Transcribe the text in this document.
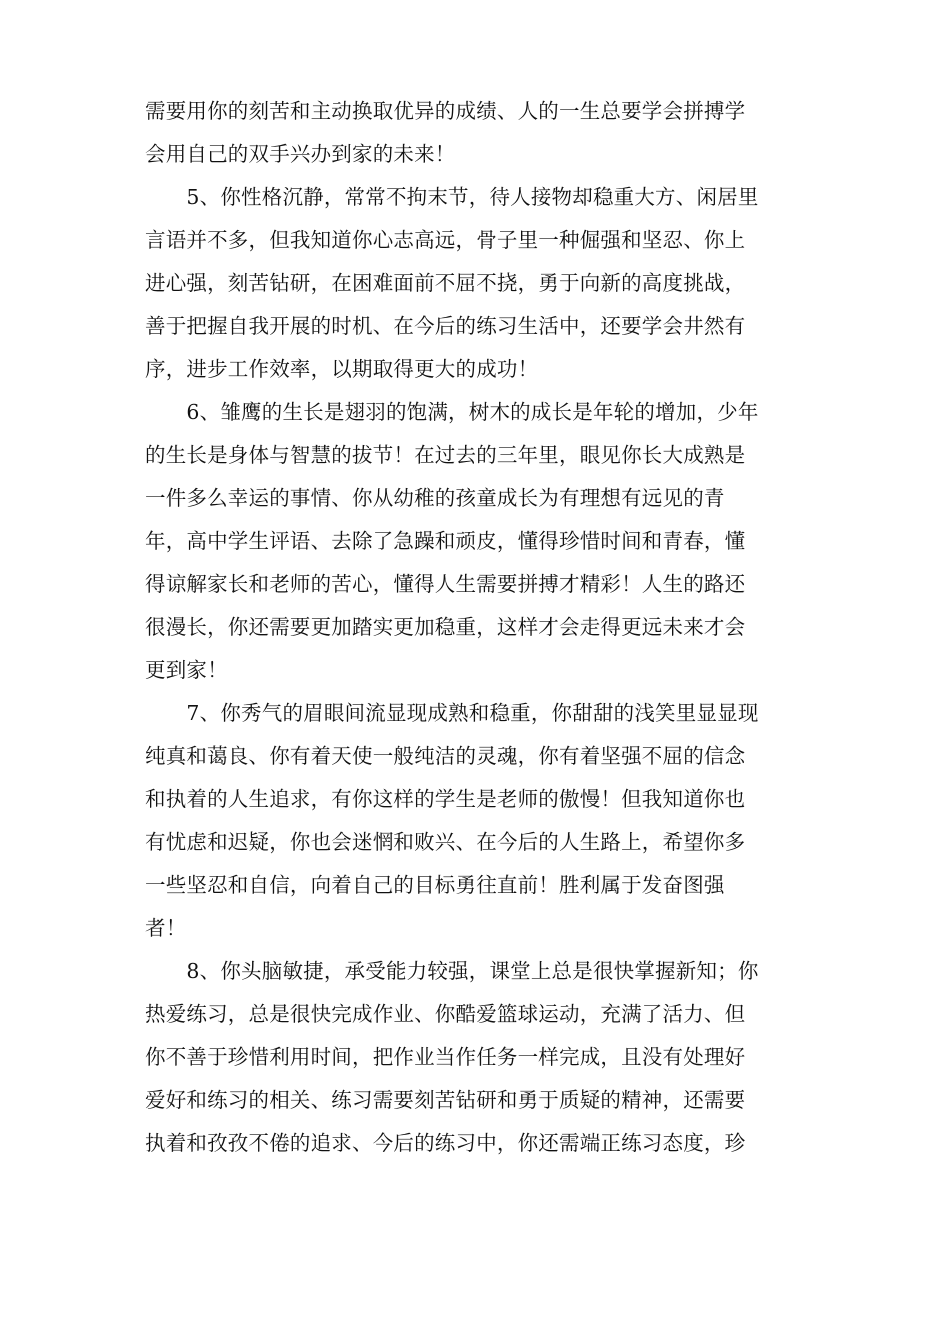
需要用你的刻苦和主动换取优异的成绩、人的一生总要学会拼搏学
会用自己的双手兴办到家的未来！
　　5、你性格沉静，常常不拘末节，待人接物却稳重大方、闲居里
言语并不多，但我知道你心志高远，骨子里一种倔强和坚忍、你上
进心强，刻苦钻研，在困难面前不屈不挠，勇于向新的高度挑战，
善于把握自我开展的时机、在今后的练习生活中，还要学会井然有
序，进步工作效率，以期取得更大的成功！
　　6、雏鹰的生长是翅羽的饱满，树木的成长是年轮的增加，少年
的生长是身体与智慧的拔节！在过去的三年里，眼见你长大成熟是
一件多么幸运的事情、你从幼稚的孩童成长为有理想有远见的青
年，高中学生评语、去除了急躁和顽皮，懂得珍惜时间和青春，懂
得谅解家长和老师的苦心，懂得人生需要拼搏才精彩！人生的路还
很漫长，你还需要更加踏实更加稳重，这样才会走得更远未来才会
更到家！
　　7、你秀气的眉眼间流显现成熟和稳重，你甜甜的浅笑里显显现
纯真和蔼良、你有着天使一般纯洁的灵魂，你有着坚强不屈的信念
和执着的人生追求，有你这样的学生是老师的傲慢！但我知道你也
有忧虑和迟疑，你也会迷惘和败兴、在今后的人生路上，希望你多
一些坚忍和自信，向着自己的目标勇往直前！胜利属于发奋图强
者！
　　8、你头脑敏捷，承受能力较强，课堂上总是很快掌握新知；你
热爱练习，总是很快完成作业、你酷爱篮球运动，充满了活力、但
你不善于珍惜利用时间，把作业当作任务一样完成，且没有处理好
爱好和练习的相关、练习需要刻苦钻研和勇于质疑的精神，还需要
执着和孜孜不倦的追求、今后的练习中，你还需端正练习态度，珍
